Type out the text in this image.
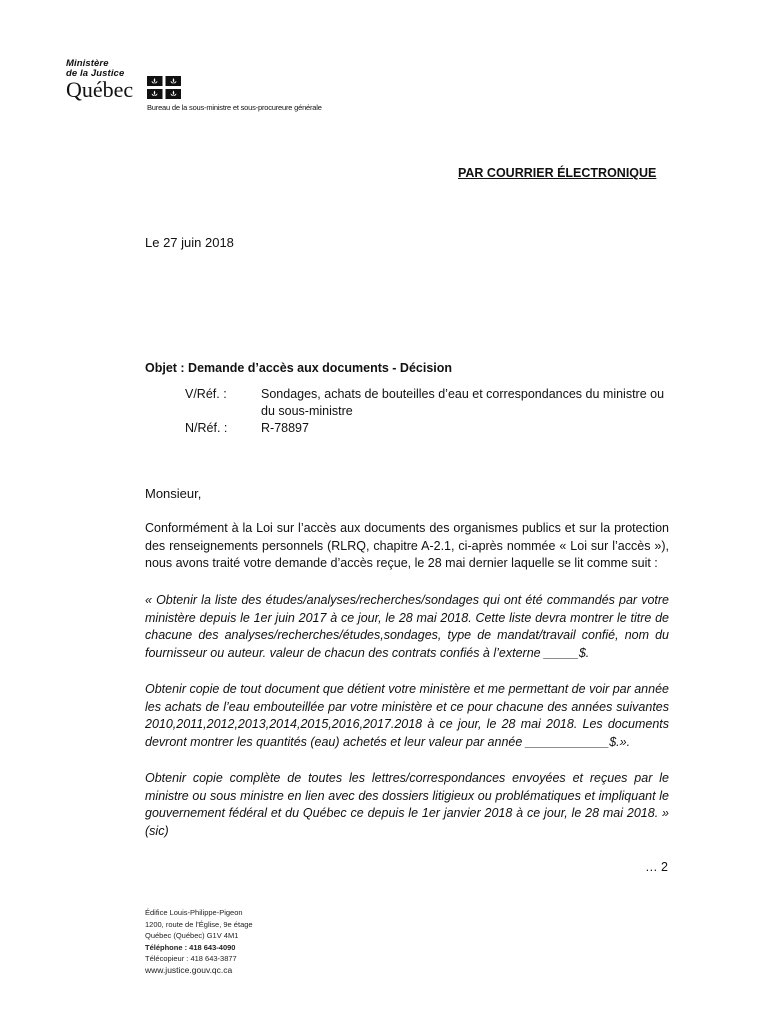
Ministère
de la Justice
Québec
Bureau de la sous-ministre et sous-procureure générale
PAR COURRIER ÉLECTRONIQUE
Le 27 juin 2018
Objet : Demande d’accès aux documents - Décision
V/Réf. :	Sondages, achats de bouteilles d’eau et correspondances du ministre ou du sous-ministre
N/Réf. :	R-78897
Monsieur,

Conformément à la Loi sur l’accès aux documents des organismes publics et sur la protection des renseignements personnels (RLRQ, chapitre A-2.1, ci-après nommée « Loi sur l’accès »), nous avons traité votre demande d’accès reçue, le 28 mai dernier laquelle se lit comme suit :

« Obtenir la liste des études/analyses/recherches/sondages qui ont été commandés par votre ministère depuis le 1er juin 2017 à ce jour, le 28 mai 2018. Cette liste devra montrer le titre de chacune des analyses/recherches/études,sondages, type de mandat/travail confié, nom du fournisseur ou auteur. valeur de chacun des contrats confiés à l’externe _____$.

Obtenir copie de tout document que détient votre ministère et me permettant de voir par année les achats de l’eau embouteillée par votre ministère et ce pour chacune des années suivantes 2010,2011,2012,2013,2014,2015,2016,2017.2018 à ce jour, le 28 mai 2018. Les documents devront montrer les quantités (eau) achetés et leur valeur par année ____________$.».

Obtenir copie complète de toutes les lettres/correspondances envoyées et reçues par le ministre ou sous ministre en lien avec des dossiers litigieux ou problématiques et impliquant le gouvernement fédéral et du Québec ce depuis le 1er janvier 2018 à ce jour, le 28 mai 2018. » (sic)

… 2
Édifice Louis-Philippe-Pigeon
1200, route de l’Église, 9e étage
Québec (Québec) G1V 4M1
Téléphone : 418 643-4090
Télécopieur : 418 643-3877
www.justice.gouv.qc.ca
